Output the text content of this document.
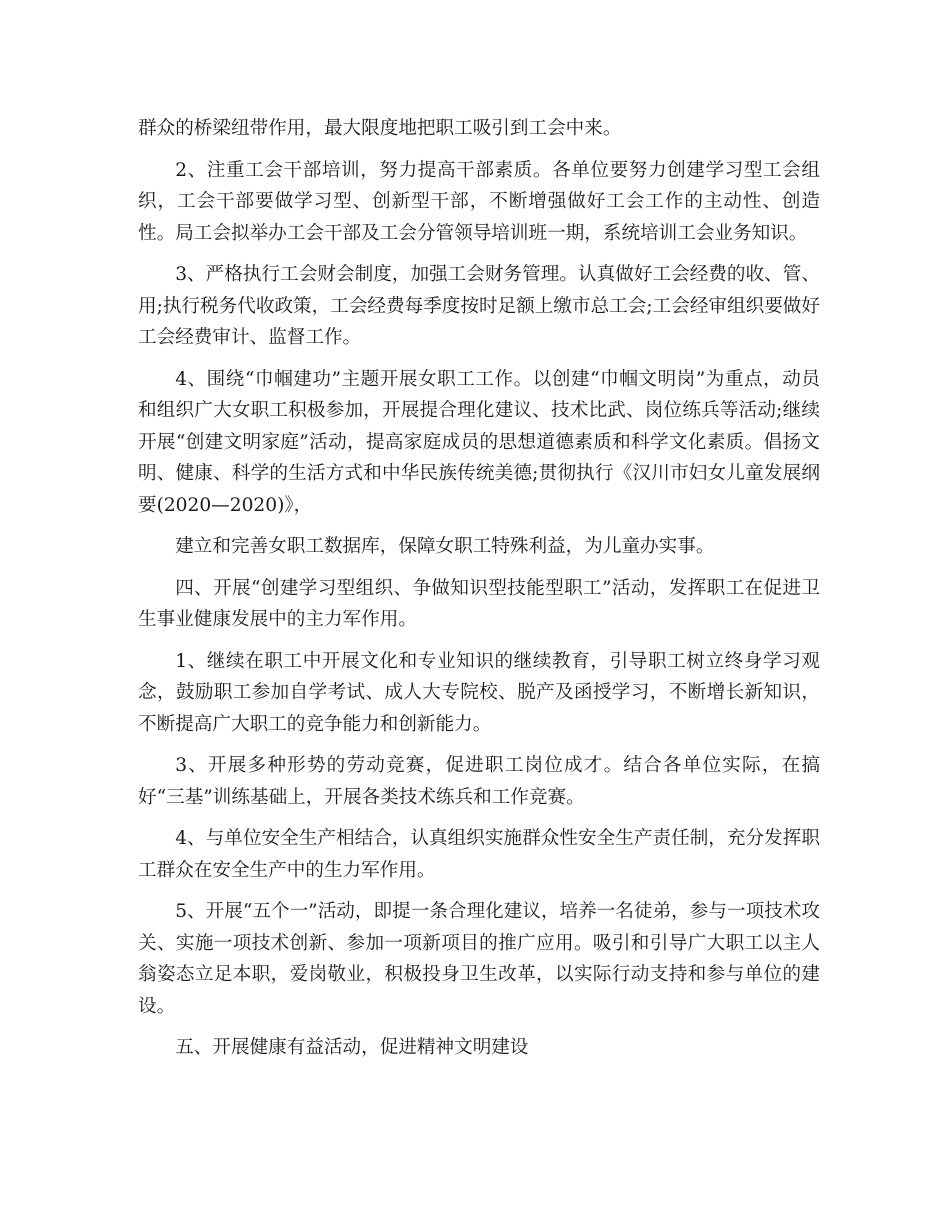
群众的桥梁纽带作用，最大限度地把职工吸引到工会中来。

2、注重工会干部培训，努力提高干部素质。各单位要努力创建学习型工会组织，工会干部要做学习型、创新型干部，不断增强做好工会工作的主动性、创造性。局工会拟举办工会干部及工会分管领导培训班一期，系统培训工会业务知识。

3、严格执行工会财会制度，加强工会财务管理。认真做好工会经费的收、管、用;执行税务代收政策，工会经费每季度按时足额上缴市总工会;工会经审组织要做好工会经费审计、监督工作。

4、围绕“巾帼建功”主题开展女职工工作。以创建“巾帼文明岗”为重点，动员和组织广大女职工积极参加，开展提合理化建议、技术比武、岗位练兵等活动;继续开展“创建文明家庭”活动，提高家庭成员的思想道德素质和科学文化素质。倡扬文明、健康、科学的生活方式和中华民族传统美德;贯彻执行《汉川市妇女儿童发展纲要(2020—2020)》，

建立和完善女职工数据库，保障女职工特殊利益，为儿童办实事。

四、开展“创建学习型组织、争做知识型技能型职工”活动，发挥职工在促进卫生事业健康发展中的主力军作用。

1、继续在职工中开展文化和专业知识的继续教育，引导职工树立终身学习观念，鼓励职工参加自学考试、成人大专院校、脱产及函授学习，不断增长新知识，不断提高广大职工的竞争能力和创新能力。

3、开展多种形势的劳动竞赛，促进职工岗位成才。结合各单位实际，在搞好“三基”训练基础上，开展各类技术练兵和工作竞赛。

4、与单位安全生产相结合，认真组织实施群众性安全生产责任制，充分发挥职工群众在安全生产中的生力军作用。

5、开展“五个一”活动，即提一条合理化建议，培养一名徒弟，参与一项技术攻关、实施一项技术创新、参加一项新项目的推广应用。吸引和引导广大职工以主人翁姿态立足本职，爱岗敬业，积极投身卫生改革，以实际行动支持和参与单位的建设。

五、开展健康有益活动，促进精神文明建设
